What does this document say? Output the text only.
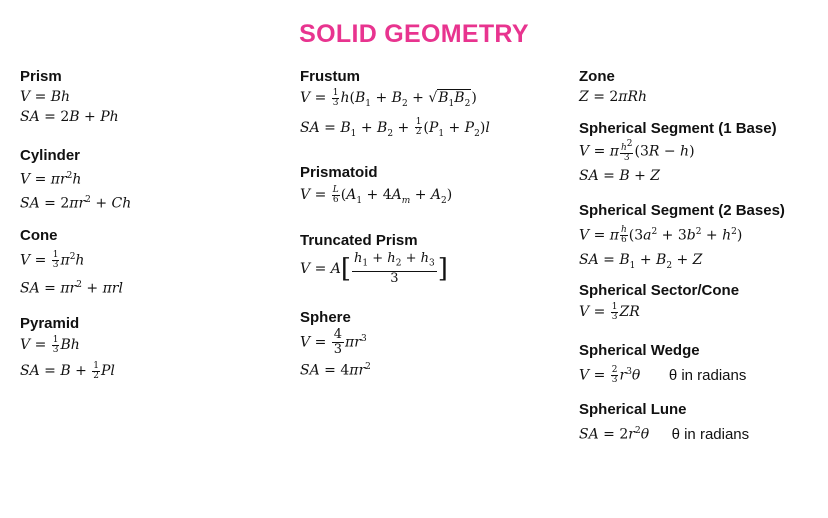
SOLID GEOMETRY
Prism
V = Bh
SA = 2B + Ph
Cylinder
$V = \pi r^2h$
SA = $2\pi r^2 + Ch$
Cone
$V = \frac{1}{3} \pi^2h$
SA = $\pi r^2 + \pi rl$
Pyramid
$V = \frac{1}{3}$ Bh
SA = $B + \frac{1}{2}$ Pl
Frustum
$V = \frac{1}{3} h(B_1 + B_2 + √B_1B_2)$
SA = $B_1 + B_2 + \frac{1}{2} (P_1 + P_2)l$
Prismatoid
$V = \frac{L}{6} (A_1 + 4A_m + A_2)$
Truncated Prism
$V = A[ \frac{h_1 + h_2 + h_3}{3}$ ]
Sphere
$V = \frac{4}{3} \pi r^3$
SA = $4\pi r^2$
Zone
Z = 2πRh
Spherical Segment (1 Base)
V = π $\frac{h^2}{3} (3R - h)$
SA = B + Z
Spherical Segment (2 Bases)
V = π $\frac{h}{6} (3a^2 + 3b^2 + h^2)$
SA = $B_1 + B_2 + Z$
Spherical Sector/Cone
$V = \frac{1}{3}$ ZR
Spherical Wedge
$V = \frac{2}{3} r^3\theta$ θ in radians
Spherical Lune
SA = $2r^2\theta$ θ in radians
